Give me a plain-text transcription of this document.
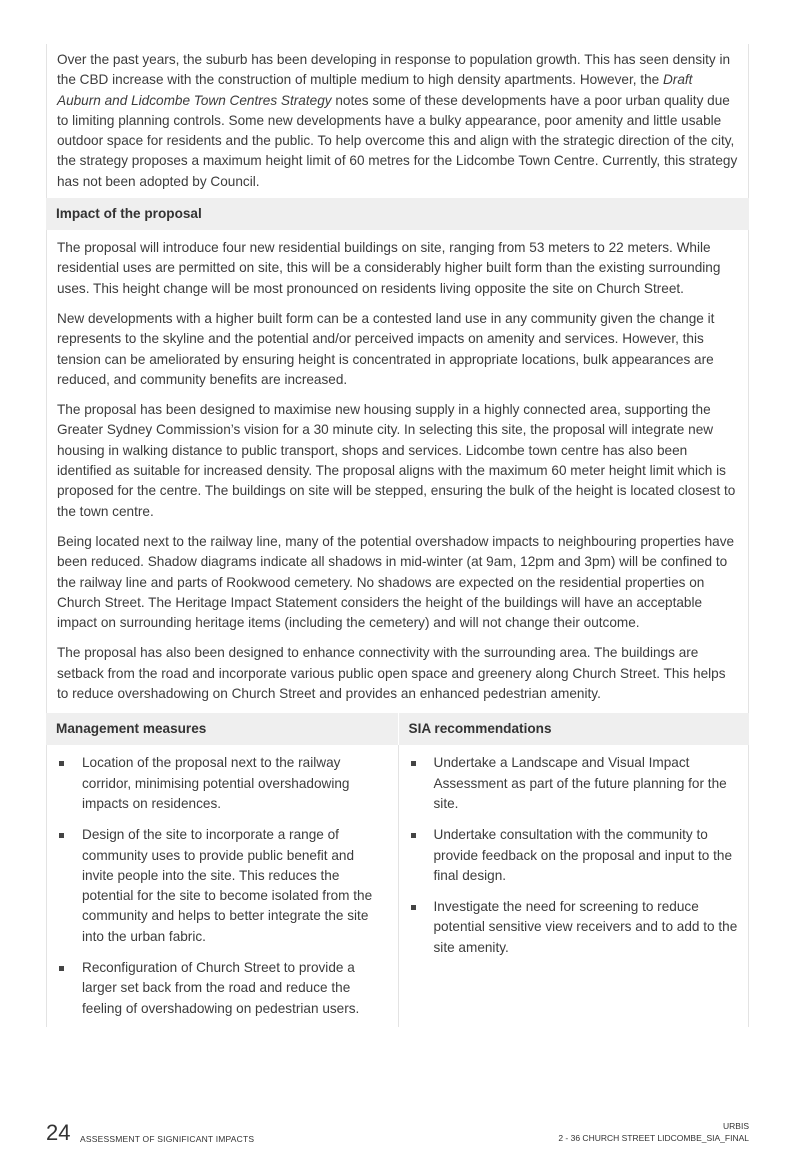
Over the past years, the suburb has been developing in response to population growth. This has seen density in the CBD increase with the construction of multiple medium to high density apartments. However, the Draft Auburn and Lidcombe Town Centres Strategy notes some of these developments have a poor urban quality due to limiting planning controls. Some new developments have a bulky appearance, poor amenity and little usable outdoor space for residents and the public. To help overcome this and align with the strategic direction of the city, the strategy proposes a maximum height limit of 60 metres for the Lidcombe Town Centre. Currently, this strategy has not been adopted by Council.

Impact of the proposal

The proposal will introduce four new residential buildings on site, ranging from 53 meters to 22 meters. While residential uses are permitted on site, this will be a considerably higher built form than the existing surrounding uses. This height change will be most pronounced on residents living opposite the site on Church Street.

New developments with a higher built form can be a contested land use in any community given the change it represents to the skyline and the potential and/or perceived impacts on amenity and services. However, this tension can be ameliorated by ensuring height is concentrated in appropriate locations, bulk appearances are reduced, and community benefits are increased.

The proposal has been designed to maximise new housing supply in a highly connected area, supporting the Greater Sydney Commission’s vision for a 30 minute city. In selecting this site, the proposal will integrate new housing in walking distance to public transport, shops and services. Lidcombe town centre has also been identified as suitable for increased density. The proposal aligns with the maximum 60 meter height limit which is proposed for the centre. The buildings on site will be stepped, ensuring the bulk of the height is located closest to the town centre.

Being located next to the railway line, many of the potential overshadow impacts to neighbouring properties have been reduced. Shadow diagrams indicate all shadows in mid-winter (at 9am, 12pm and 3pm) will be confined to the railway line and parts of Rookwood cemetery. No shadows are expected on the residential properties on Church Street. The Heritage Impact Statement considers the height of the buildings will have an acceptable impact on surrounding heritage items (including the cemetery) and will not change their outcome.

The proposal has also been designed to enhance connectivity with the surrounding area. The buildings are setback from the road and incorporate various public open space and greenery along Church Street. This helps to reduce overshadowing on Church Street and provides an enhanced pedestrian amenity.

Management measures	SIA recommendations
Location of the proposal next to the railway corridor, minimising potential overshadowing impacts on residences.
Design of the site to incorporate a range of community uses to provide public benefit and invite people into the site. This reduces the potential for the site to become isolated from the community and helps to better integrate the site into the urban fabric.
Reconfiguration of Church Street to provide a larger set back from the road and reduce the feeling of overshadowing on pedestrian users.
Undertake a Landscape and Visual Impact Assessment as part of the future planning for the site.
Undertake consultation with the community to provide feedback on the proposal and input to the final design.
Investigate the need for screening to reduce potential sensitive view receivers and to add to the site amenity.
24 ASSESSMENT OF SIGNIFICANT IMPACTS
URBIS
2 - 36 CHURCH STREET LIDCOMBE_SIA_FINAL
